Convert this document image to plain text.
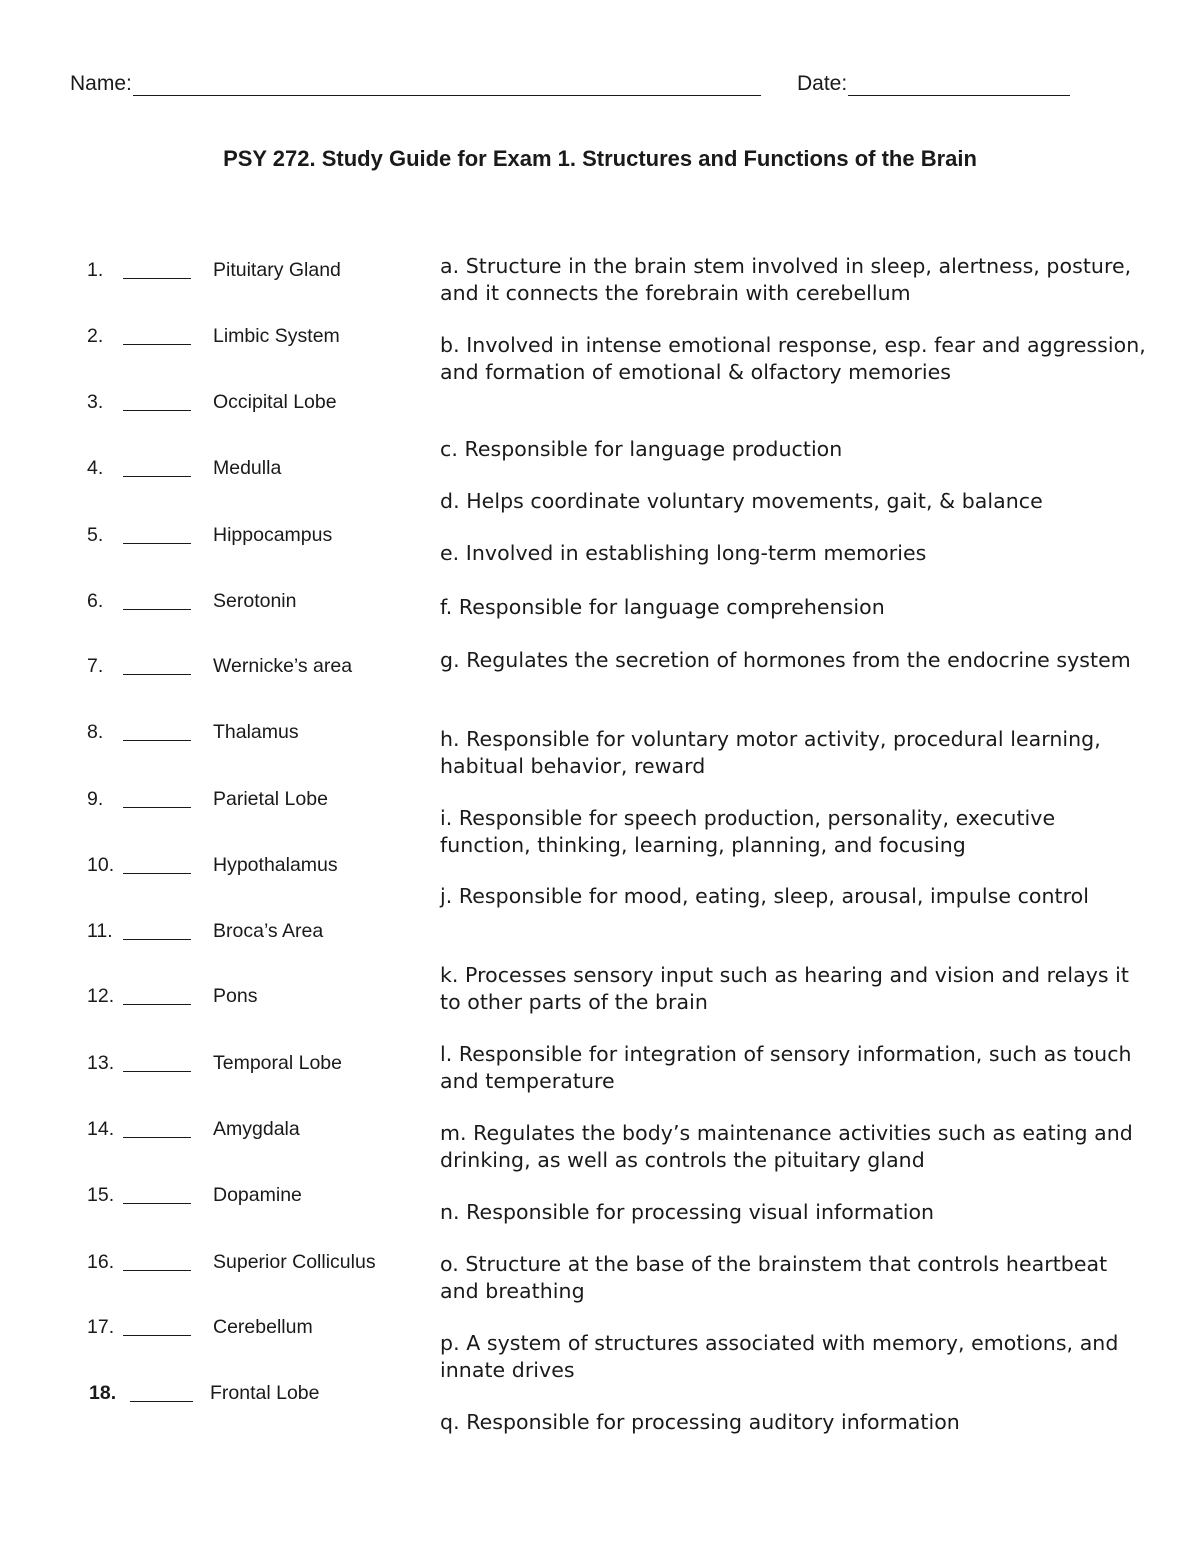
Name:	Date:
PSY 272. Study Guide for Exam 1. Structures and Functions of the Brain
1.	Pituitary Gland
2.	Limbic System
3.	Occipital Lobe
4.	Medulla
5.	Hippocampus
6.	Serotonin
7.	Wernicke’s area
8.	Thalamus
9.	Parietal Lobe
10.	Hypothalamus
11.	Broca’s Area
12.	Pons
13.	Temporal Lobe
14.	Amygdala
15.	Dopamine
16.	Superior Colliculus
17.	Cerebellum
18.	Frontal Lobe
a. Structure in the brain stem involved in sleep, alertness, posture, and it connects the forebrain with cerebellum
b. Involved in intense emotional response, esp. fear and aggression, and formation of emotional & olfactory memories
c. Responsible for language production
d. Helps coordinate voluntary movements, gait, & balance
e. Involved in establishing long-term memories
f. Responsible for language comprehension
g. Regulates the secretion of hormones from the endocrine system
h. Responsible for voluntary motor activity, procedural learning, habitual behavior, reward
i. Responsible for speech production, personality, executive function, thinking, learning, planning, and focusing
j. Responsible for mood, eating, sleep, arousal, impulse control
k. Processes sensory input such as hearing and vision and relays it to other parts of the brain
l. Responsible for integration of sensory information, such as touch and temperature
m. Regulates the body’s maintenance activities such as eating and drinking, as well as controls the pituitary gland
n. Responsible for processing visual information
o. Structure at the base of the brainstem that controls heartbeat and breathing
p. A system of structures associated with memory, emotions, and innate drives
q. Responsible for processing auditory information
